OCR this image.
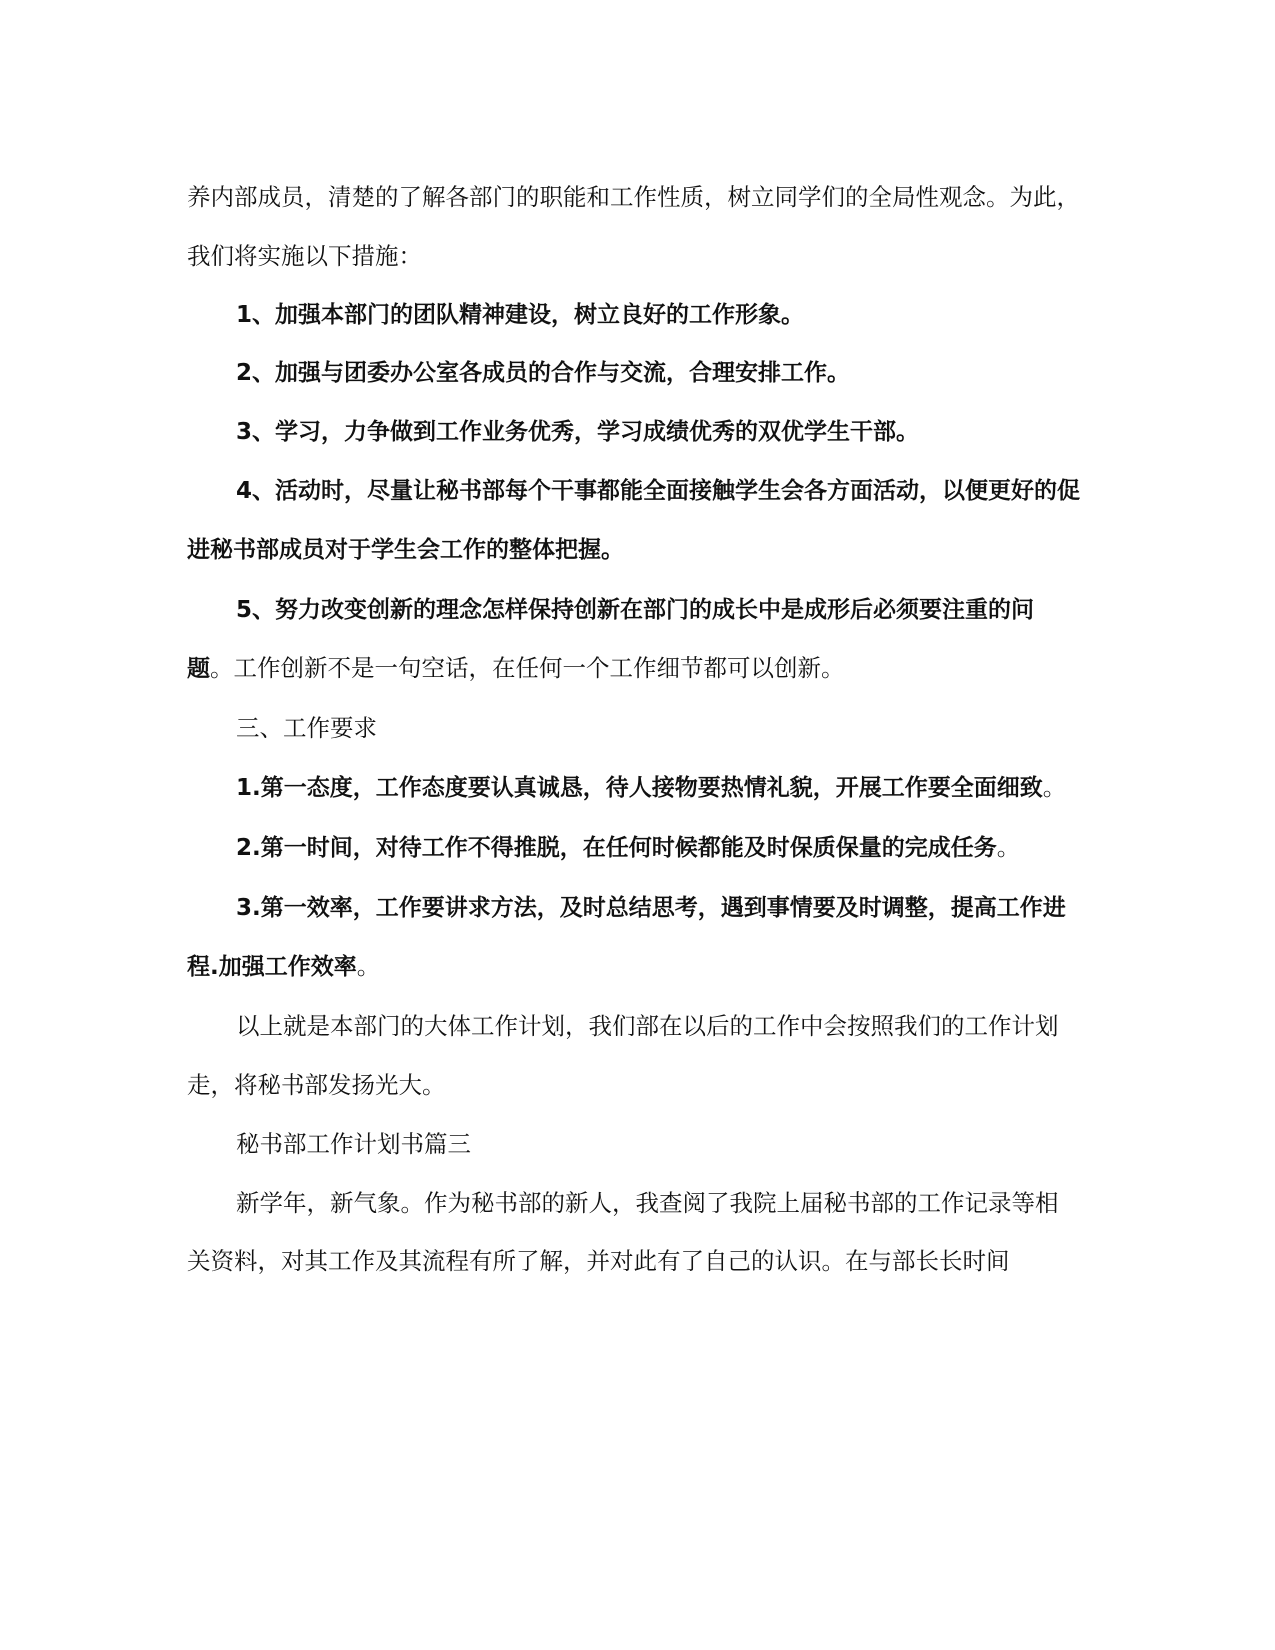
养内部成员，清楚的了解各部门的职能和工作性质，树立同学们的全局性观念。为此，我们将实施以下措施：

1、加强本部门的团队精神建设，树立良好的工作形象。

2、加强与团委办公室各成员的合作与交流，合理安排工作。

3、学习，力争做到工作业务优秀，学习成绩优秀的双优学生干部。

4、活动时，尽量让秘书部每个干事都能全面接触学生会各方面活动，以便更好的促进秘书部成员对于学生会工作的整体把握。

5、努力改变创新的理念怎样保持创新在部门的成长中是成形后必须要注重的问题。工作创新不是一句空话，在任何一个工作细节都可以创新。

三、工作要求

1.第一态度，工作态度要认真诚恳，待人接物要热情礼貌，开展工作要全面细致。

2.第一时间，对待工作不得推脱，在任何时候都能及时保质保量的完成任务。

3.第一效率，工作要讲求方法，及时总结思考，遇到事情要及时调整，提高工作进程.加强工作效率。

以上就是本部门的大体工作计划，我们部在以后的工作中会按照我们的工作计划走，将秘书部发扬光大。

秘书部工作计划书篇三

新学年，新气象。作为秘书部的新人，我查阅了我院上届秘书部的工作记录等相关资料，对其工作及其流程有所了解，并对此有了自己的认识。在与部长长时间
